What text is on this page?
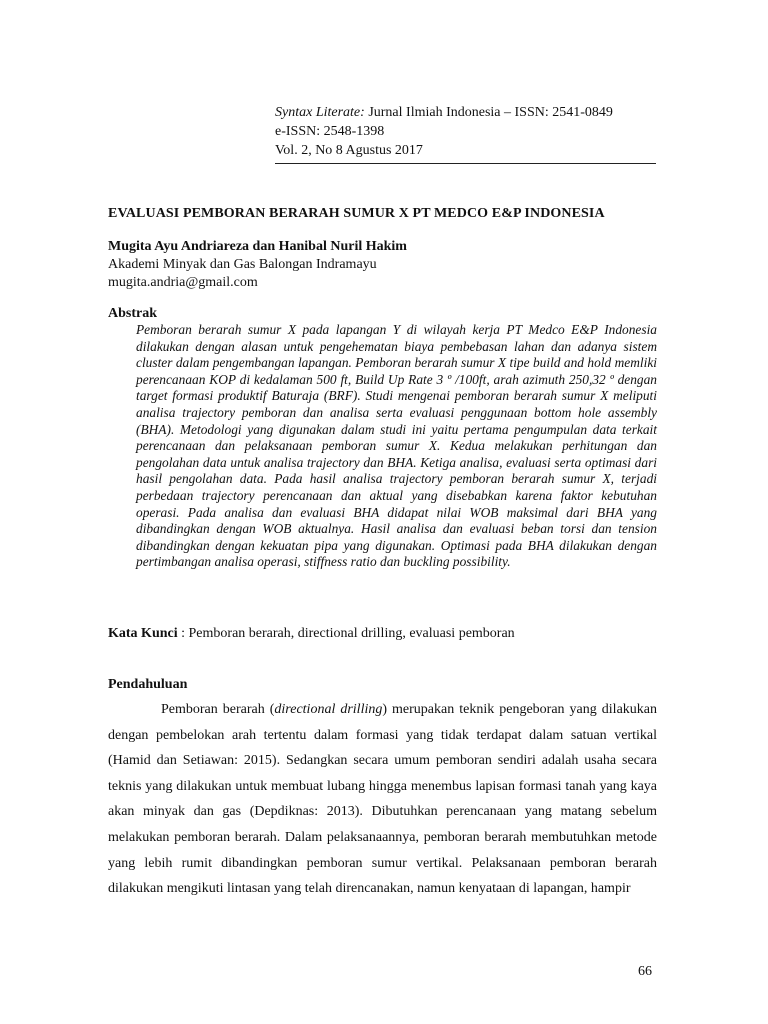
Syntax Literate: Jurnal Ilmiah Indonesia – ISSN: 2541-0849
e-ISSN: 2548-1398
Vol. 2, No 8 Agustus 2017
EVALUASI PEMBORAN BERARAH SUMUR X PT MEDCO E&P INDONESIA
Mugita Ayu Andriareza dan Hanibal Nuril Hakim
Akademi Minyak dan Gas Balongan Indramayu
mugita.andria@gmail.com
Abstrak

Pemboran berarah sumur X pada lapangan Y di wilayah kerja PT Medco E&P Indonesia dilakukan dengan alasan untuk pengehematan biaya pembebasan lahan dan adanya sistem cluster dalam pengembangan lapangan. Pemboran berarah sumur X tipe build and hold memliki perencanaan KOP di kedalaman 500 ft, Build Up Rate 3 º /100ft, arah azimuth 250,32 º dengan target formasi produktif Baturaja (BRF). Studi mengenai pemboran berarah sumur X meliputi analisa trajectory pemboran dan analisa serta evaluasi penggunaan bottom hole assembly (BHA). Metodologi yang digunakan dalam studi ini yaitu pertama pengumpulan data terkait perencanaan dan pelaksanaan pemboran sumur X. Kedua melakukan perhitungan dan pengolahan data untuk analisa trajectory dan BHA. Ketiga analisa, evaluasi serta optimasi dari hasil pengolahan data. Pada hasil analisa trajectory pemboran berarah sumur X, terjadi perbedaan trajectory perencanaan dan aktual yang disebabkan karena faktor kebutuhan operasi. Pada analisa dan evaluasi BHA didapat nilai WOB maksimal dari BHA yang dibandingkan dengan WOB aktualnya. Hasil analisa dan evaluasi beban torsi dan tension dibandingkan dengan kekuatan pipa yang digunakan. Optimasi pada BHA dilakukan dengan pertimbangan analisa operasi, stiffness ratio dan buckling possibility.

Kata Kunci : Pemboran berarah, directional drilling, evaluasi pemboran
Pendahuluan

Pemboran berarah (directional drilling) merupakan teknik pengeboran yang dilakukan dengan pembelokan arah tertentu dalam formasi yang tidak terdapat dalam satuan vertikal (Hamid dan Setiawan: 2015). Sedangkan secara umum pemboran sendiri adalah usaha secara teknis yang dilakukan untuk membuat lubang hingga menembus lapisan formasi tanah yang kaya akan minyak dan gas (Depdiknas: 2013). Dibutuhkan perencanaan yang matang sebelum melakukan pemboran berarah. Dalam pelaksanaannya, pemboran berarah membutuhkan metode yang lebih rumit dibandingkan pemboran sumur vertikal. Pelaksanaan pemboran berarah dilakukan mengikuti lintasan yang telah direncanakan, namun kenyataan di lapangan, hampir

66
